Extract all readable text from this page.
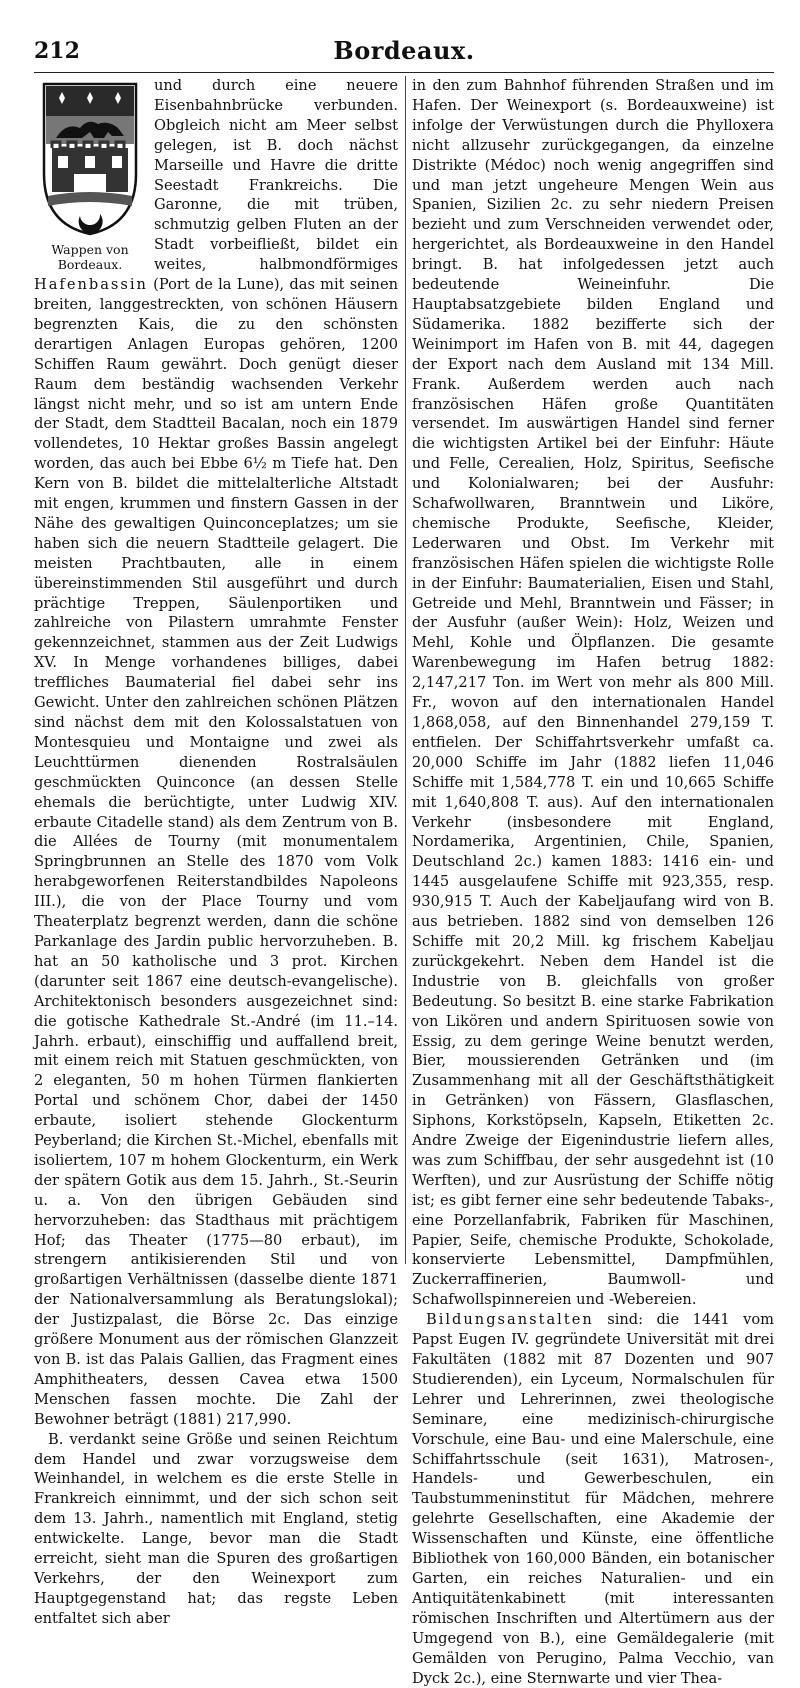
212	Bordeaux.
Wappen von
Bordeaux.

und durch eine neuere Eisenbahnbrücke verbunden. Obgleich nicht am Meer selbst gelegen, ist B. doch nächst Marseille und Havre die dritte Seestadt Frankreichs. Die Garonne, die mit trüben, schmutzig gelben Fluten an der Stadt vorbeifließt, bildet ein weites, halbmondförmiges Hafenbassin (Port de la Lune), das mit seinen breiten, langgestreckten, von schönen Häusern begrenzten Kais, die zu den schönsten derartigen Anlagen Europas gehören, 1200 Schiffen Raum gewährt. Doch genügt dieser Raum dem beständig wachsenden Verkehr längst nicht mehr, und so ist am untern Ende der Stadt, dem Stadtteil Bacalan, noch ein 1879 vollendetes, 10 Hektar großes Bassin angelegt worden, das auch bei Ebbe 6½ m Tiefe hat. Den Kern von B. bildet die mittelalterliche Altstadt mit engen, krummen und finstern Gassen in der Nähe des gewaltigen Quinconceplatzes; um sie haben sich die neuern Stadtteile gelagert. Die meisten Prachtbauten, alle in einem übereinstimmenden Stil ausgeführt und durch prächtige Treppen, Säulenportiken und zahlreiche von Pilastern umrahmte Fenster gekennzeichnet, stammen aus der Zeit Ludwigs XV. In Menge vorhandenes billiges, dabei treffliches Baumaterial fiel dabei sehr ins Gewicht. Unter den zahlreichen schönen Plätzen sind nächst dem mit den Kolossalstatuen von Montesquieu und Montaigne und zwei als Leuchttürmen dienenden Rostralsäulen geschmückten Quinconce (an dessen Stelle ehemals die berüchtigte, unter Ludwig XIV. erbaute Citadelle stand) als dem Zentrum von B. die Allées de Tourny (mit monumentalem Springbrunnen an Stelle des 1870 vom Volk herabgeworfenen Reiterstandbildes Napoleons III.), die von der Place Tourny und vom Theaterplatz begrenzt werden, dann die schöne Parkanlage des Jardin public hervorzuheben. B. hat an 50 katholische und 3 prot. Kirchen (darunter seit 1867 eine deutsch-evangelische). Architektonisch besonders ausgezeichnet sind: die gotische Kathedrale St.-André (im 11.–14. Jahrh. erbaut), einschiffig und auffallend breit, mit einem reich mit Statuen geschmückten, von 2 eleganten, 50 m hohen Türmen flankierten Portal und schönem Chor, dabei der 1450 erbaute, isoliert stehende Glockenturm Peyberland; die Kirchen St.-Michel, ebenfalls mit isoliertem, 107 m hohem Glockenturm, ein Werk der spätern Gotik aus dem 15. Jahrh., St.-Seurin u. a. Von den übrigen Gebäuden sind hervorzuheben: das Stadthaus mit prächtigem Hof; das Theater (1775—80 erbaut), im strengern antikisierenden Stil und von großartigen Verhältnissen (dasselbe diente 1871 der Nationalversammlung als Beratungslokal); der Justizpalast, die Börse 2c. Das einzige größere Monument aus der römischen Glanzzeit von B. ist das Palais Gallien, das Fragment eines Amphitheaters, dessen Cavea etwa 1500 Menschen fassen mochte. Die Zahl der Bewohner beträgt (1881) 217,990.

B. verdankt seine Größe und seinen Reichtum dem Handel und zwar vorzugsweise dem Weinhandel, in welchem es die erste Stelle in Frankreich einnimmt, und der sich schon seit dem 13. Jahrh., namentlich mit England, stetig entwickelte. Lange, bevor man die Stadt erreicht, sieht man die Spuren des großartigen Verkehrs, der den Weinexport zum Hauptgegenstand hat; das regste Leben entfaltet sich aber

in den zum Bahnhof führenden Straßen und im Hafen. Der Weinexport (s. Bordeauxweine) ist infolge der Verwüstungen durch die Phylloxera nicht allzusehr zurückgegangen, da einzelne Distrikte (Médoc) noch wenig angegriffen sind und man jetzt ungeheure Mengen Wein aus Spanien, Sizilien 2c. zu sehr niedern Preisen bezieht und zum Verschneiden verwendet oder, hergerichtet, als Bordeauxweine in den Handel bringt. B. hat infolgedessen jetzt auch bedeutende Weineinfuhr. Die Hauptabsatzgebiete bilden England und Südamerika. 1882 bezifferte sich der Weinimport im Hafen von B. mit 44, dagegen der Export nach dem Ausland mit 134 Mill. Frank. Außerdem werden auch nach französischen Häfen große Quantitäten versendet. Im auswärtigen Handel sind ferner die wichtigsten Artikel bei der Einfuhr: Häute und Felle, Cerealien, Holz, Spiritus, Seefische und Kolonialwaren; bei der Ausfuhr: Schafwollwaren, Branntwein und Liköre, chemische Produkte, Seefische, Kleider, Lederwaren und Obst. Im Verkehr mit französischen Häfen spielen die wichtigste Rolle in der Einfuhr: Baumaterialien, Eisen und Stahl, Getreide und Mehl, Branntwein und Fässer; in der Ausfuhr (außer Wein): Holz, Weizen und Mehl, Kohle und Ölpflanzen. Die gesamte Warenbewegung im Hafen betrug 1882: 2,147,217 Ton. im Wert von mehr als 800 Mill. Fr., wovon auf den internationalen Handel 1,868,058, auf den Binnenhandel 279,159 T. entfielen. Der Schiffahrtsverkehr umfaßt ca. 20,000 Schiffe im Jahr (1882 liefen 11,046 Schiffe mit 1,584,778 T. ein und 10,665 Schiffe mit 1,640,808 T. aus). Auf den internationalen Verkehr (insbesondere mit England, Nordamerika, Argentinien, Chile, Spanien, Deutschland 2c.) kamen 1883: 1416 ein- und 1445 ausgelaufene Schiffe mit 923,355, resp. 930,915 T. Auch der Kabeljaufang wird von B. aus betrieben. 1882 sind von demselben 126 Schiffe mit 20,2 Mill. kg frischem Kabeljau zurückgekehrt. Neben dem Handel ist die Industrie von B. gleichfalls von großer Bedeutung. So besitzt B. eine starke Fabrikation von Likören und andern Spirituosen sowie von Essig, zu dem geringe Weine benutzt werden, Bier, moussierenden Getränken und (im Zusammenhang mit all der Geschäftsthätigkeit in Getränken) von Fässern, Glasflaschen, Siphons, Korkstöpseln, Kapseln, Etiketten 2c. Andre Zweige der Eigenindustrie liefern alles, was zum Schiffbau, der sehr ausgedehnt ist (10 Werften), und zur Ausrüstung der Schiffe nötig ist; es gibt ferner eine sehr bedeutende Tabaks-, eine Porzellanfabrik, Fabriken für Maschinen, Papier, Seife, chemische Produkte, Schokolade, konservierte Lebensmittel, Dampfmühlen, Zuckerraffinerien, Baumwoll- und Schafwollspinnereien und -Webereien.

Bildungsanstalten sind: die 1441 vom Papst Eugen IV. gegründete Universität mit drei Fakultäten (1882 mit 87 Dozenten und 907 Studierenden), ein Lyceum, Normalschulen für Lehrer und Lehrerinnen, zwei theologische Seminare, eine medizinisch-chirurgische Vorschule, eine Bau- und eine Malerschule, eine Schiffahrtsschule (seit 1631), Matrosen-, Handels- und Gewerbeschulen, ein Taubstummeninstitut für Mädchen, mehrere gelehrte Gesellschaften, eine Akademie der Wissenschaften und Künste, eine öffentliche Bibliothek von 160,000 Bänden, ein botanischer Garten, ein reiches Naturalien- und ein Antiquitätenkabinett (mit interessanten römischen Inschriften und Altertümern aus der Umgegend von B.), eine Gemäldegalerie (mit Gemälden von Perugino, Palma Vecchio, van Dyck 2c.), eine Sternwarte und vier Thea-
